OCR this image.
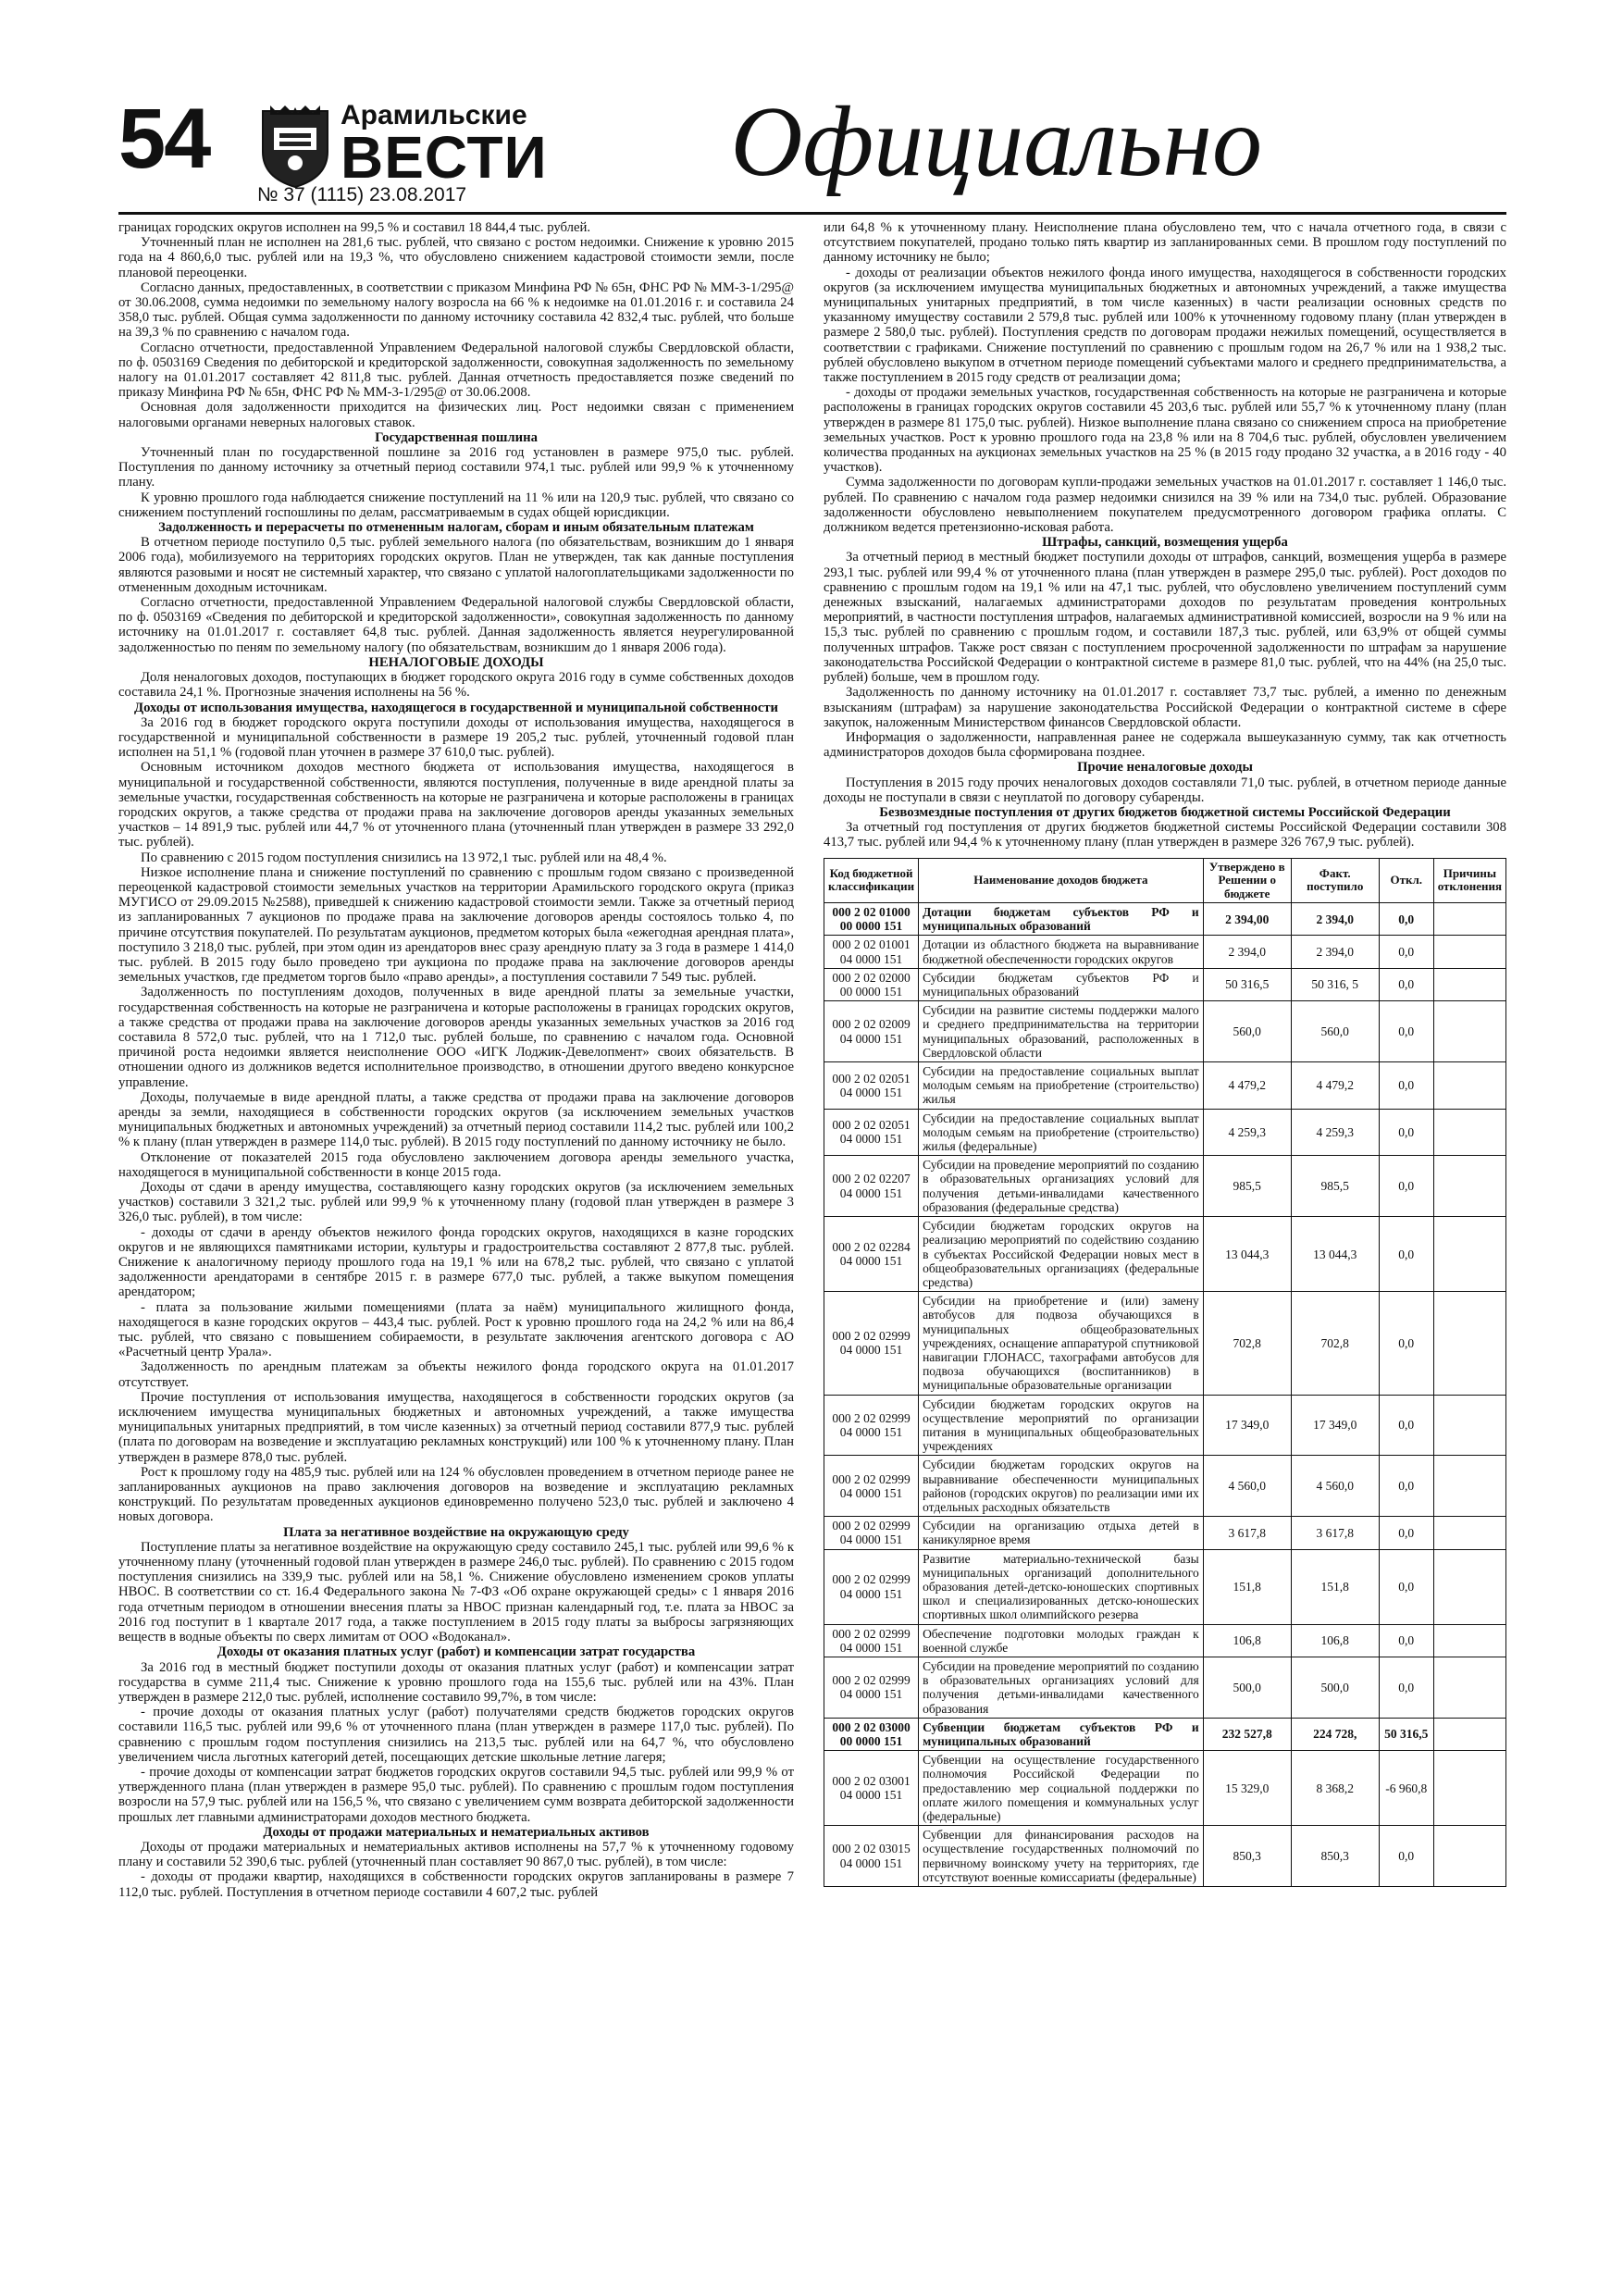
54	Арамильские
ВЕСТИ
№ 37 (1115) 23.08.2017	Официально

границах городских округов исполнен на 99,5 % и составил 18 844,4 тыс. рублей.

Уточненный план не исполнен на 281,6 тыс. рублей, что связано с ростом недоимки. Снижение к уровню 2015 года на 4 860,6,0 тыс. рублей или на 19,3 %, что обусловлено снижением кадастровой стоимости земли, после плановой переоценки.

Согласно данных, предоставленных, в соответствии с приказом Минфина РФ № 65н, ФНС РФ № ММ-3-1/295@ от 30.06.2008, сумма недоимки по земельному налогу возросла на 66 % к недоимке на 01.01.2016 г. и составила 24 358,0 тыс. рублей. Общая сумма задолженности по данному источнику составила 42 832,4 тыс. рублей, что больше на 39,3 % по сравнению с началом года.

Согласно отчетности, предоставленной Управлением Федеральной налоговой службы Свердловской области, по ф. 0503169 Сведения по дебиторской и кредиторской задолженности, совокупная задолженность по земельному налогу на 01.01.2017 составляет 42 811,8 тыс. рублей. Данная отчетность предоставляется позже сведений по приказу Минфина РФ № 65н, ФНС РФ № ММ-3-1/295@ от 30.06.2008.

Основная доля задолженности приходится на физических лиц. Рост недоимки связан с применением налоговыми органами неверных налоговых ставок.

Государственная пошлина

Уточненный план по государственной пошлине за 2016 год установлен в размере 975,0 тыс. рублей. Поступления по данному источнику за отчетный период составили 974,1 тыс. рублей или 99,9 % к уточненному плану.

К уровню прошлого года наблюдается снижение поступлений на 11 % или на 120,9 тыс. рублей, что связано со снижением поступлений госпошлины по делам, рассматриваемым в судах общей юрисдикции.

Задолженность и перерасчеты по отмененным налогам, сборам и иным обязательным платежам

В отчетном периоде поступило 0,5 тыс. рублей земельного налога (по обязательствам, возникшим до 1 января 2006 года), мобилизуемого на территориях городских округов. План не утвержден, так как данные поступления являются разовыми и носят не системный характер, что связано с уплатой налогоплательщиками задолженности по отмененным доходным источникам.

Согласно отчетности, предоставленной Управлением Федеральной налоговой службы Свердловской области, по ф. 0503169 «Сведения по дебиторской и кредиторской задолженности», совокупная задолженность по данному источнику на 01.01.2017 г. составляет 64,8 тыс. рублей. Данная задолженность является неурегулированной задолженностью по пеням по земельному налогу (по обязательствам, возникшим до 1 января 2006 года).

НЕНАЛОГОВЫЕ ДОХОДЫ

Доля неналоговых доходов, поступающих в бюджет городского округа 2016 году в сумме собственных доходов составила 24,1 %. Прогнозные значения исполнены на 56 %.

Доходы от использования имущества, находящегося в государственной и муниципальной собственности

За 2016 год в бюджет городского округа поступили доходы от использования имущества, находящегося в государственной и муниципальной собственности в размере 19 205,2 тыс. рублей, уточненный годовой план исполнен на 51,1 % (годовой план уточнен в размере 37 610,0 тыс. рублей).

Основным источником доходов местного бюджета от использования имущества, находящегося в муниципальной и государственной собственности, являются поступления, полученные в виде арендной платы за земельные участки, государственная собственность на которые не разграничена и которые расположены в границах городских округов, а также средства от продажи права на заключение договоров аренды указанных земельных участков – 14 891,9 тыс. рублей или 44,7 % от уточненного плана (уточненный план утвержден в размере 33 292,0 тыс. рублей).

По сравнению с 2015 годом поступления снизились на 13 972,1 тыс. рублей или на 48,4 %.

Низкое исполнение плана и снижение поступлений по сравнению с прошлым годом связано с произведенной переоценкой кадастровой стоимости земельных участков на территории Арамильского городского округа (приказ МУГИСО от 29.09.2015 №2588), приведшей к снижению кадастровой стоимости земли. Также за отчетный период из запланированных 7 аукционов по продаже права на заключение договоров аренды состоялось только 4, по причине отсутствия покупателей. По результатам аукционов, предметом которых была «ежегодная арендная плата», поступило 3 218,0 тыс. рублей, при этом один из арендаторов внес сразу арендную плату за 3 года в размере 1 414,0 тыс. рублей. В 2015 году было проведено три аукциона по продаже права на заключение договоров аренды земельных участков, где предметом торгов было «право аренды», а поступления составили 7 549 тыс. рублей.

Задолженность по поступлениям доходов, полученных в виде арендной платы за земельные участки, государственная собственность на которые не разграничена и которые расположены в границах городских округов, а также средства от продажи права на заключение договоров аренды указанных земельных участков за 2016 год составила 8 572,0 тыс. рублей, что на 1 712,0 тыс. рублей больше, по сравнению с началом года. Основной причиной роста недоимки является неисполнение ООО «ИГК Лоджик-Девелопмент» своих обязательств. В отношении одного из должников ведется исполнительное производство, в отношении другого введено конкурсное управление.

Доходы, получаемые в виде арендной платы, а также средства от продажи права на заключение договоров аренды за земли, находящиеся в собственности городских округов (за исключением земельных участков муниципальных бюджетных и автономных учреждений) за отчетный период составили 114,2 тыс. рублей или 100,2 % к плану (план утвержден в размере 114,0 тыс. рублей). В 2015 году поступлений по данному источнику не было.

Отклонение от показателей 2015 года обусловлено заключением договора аренды земельного участка, находящегося в муниципальной собственности в конце 2015 года.

Доходы от сдачи в аренду имущества, составляющего казну городских округов (за исключением земельных участков) составили 3 321,2 тыс. рублей или 99,9 % к уточненному плану (годовой план утвержден в размере 3 326,0 тыс. рублей), в том числе:

- доходы от сдачи в аренду объектов нежилого фонда городских округов, находящихся в казне городских округов и не являющихся памятниками истории, культуры и градостроительства составляют 2 877,8 тыс. рублей. Снижение к аналогичному периоду прошлого года на 19,1 % или на 678,2 тыс. рублей, что связано с уплатой задолженности арендаторами в сентябре 2015 г. в размере 677,0 тыс. рублей, а также выкупом помещения арендатором;

- плата за пользование жилыми помещениями (плата за наём) муниципального жилищного фонда, находящегося в казне городских округов – 443,4 тыс. рублей. Рост к уровню прошлого года на 24,2 % или на 86,4 тыс. рублей, что связано с повышением собираемости, в результате заключения агентского договора с АО «Расчетный центр Урала».

Задолженность по арендным платежам за объекты нежилого фонда городского округа на 01.01.2017 отсутствует.

Прочие поступления от использования имущества, находящегося в собственности городских округов (за исключением имущества муниципальных бюджетных и автономных учреждений, а также имущества муниципальных унитарных предприятий, в том числе казенных) за отчетный период составили 877,9 тыс. рублей (плата по договорам на возведение и эксплуатацию рекламных конструкций) или 100 % к уточненному плану. План утвержден в размере 878,0 тыс. рублей.

Рост к прошлому году на 485,9 тыс. рублей или на 124 % обусловлен проведением в отчетном периоде ранее не запланированных аукционов на право заключения договоров на возведение и эксплуатацию рекламных конструкций. По результатам проведенных аукционов единовременно получено 523,0 тыс. рублей и заключено 4 новых договора.

Плата за негативное воздействие на окружающую среду

Поступление платы за негативное воздействие на окружающую среду составило 245,1 тыс. рублей или 99,6 % к уточненному плану (уточненный годовой план утвержден в размере 246,0 тыс. рублей). По сравнению с 2015 годом поступления снизились на 339,9 тыс. рублей или на 58,1 %. Снижение обусловлено изменением сроков уплаты НВОС. В соответствии со ст. 16.4 Федерального закона № 7-ФЗ «Об охране окружающей среды» с 1 января 2016 года отчетным периодом в отношении внесения платы за НВОС признан календарный год, т.е. плата за НВОС за 2016 год поступит в 1 квартале 2017 года, а также поступлением в 2015 году платы за выбросы загрязняющих веществ в водные объекты по сверх лимитам от ООО «Водоканал».

Доходы от оказания платных услуг (работ) и компенсации затрат государства

За 2016 год в местный бюджет поступили доходы от оказания платных услуг (работ) и компенсации затрат государства в сумме 211,4 тыс. Снижение к уровню прошлого года на 155,6 тыс. рублей или на 43%. План утвержден в размере 212,0 тыс. рублей, исполнение составило 99,7%, в том числе:

- прочие доходы от оказания платных услуг (работ) получателями средств бюджетов городских округов составили 116,5 тыс. рублей или 99,6 % от уточненного плана (план утвержден в размере 117,0 тыс. рублей). По сравнению с прошлым годом поступления снизились на 213,5 тыс. рублей или на 64,7 %, что обусловлено увеличением числа льготных категорий детей, посещающих детские школьные летние лагеря;

- прочие доходы от компенсации затрат бюджетов городских округов составили 94,5 тыс. рублей или 99,9 % от утвержденного плана (план утвержден в размере 95,0 тыс. рублей). По сравнению с прошлым годом поступления возросли на 57,9 тыс. рублей или на 156,5 %, что связано с увеличением сумм возврата дебиторской задолженности прошлых лет главными администраторами доходов местного бюджета.

Доходы от продажи материальных и нематериальных активов

Доходы от продажи материальных и нематериальных активов исполнены на 57,7 % к уточненному годовому плану и составили 52 390,6 тыс. рублей (уточненный план составляет 90 867,0 тыс. рублей), в том числе:

- доходы от продажи квартир, находящихся в собственности городских округов запланированы в размере 7 112,0 тыс. рублей. Поступления в отчетном периоде составили 4 607,2 тыс. рублей

или 64,8 % к уточненному плану. Неисполнение плана обусловлено тем, что с начала отчетного года, в связи с отсутствием покупателей, продано только пять квартир из запланированных семи. В прошлом году поступлений по данному источнику не было;

- доходы от реализации объектов нежилого фонда иного имущества, находящегося в собственности городских округов (за исключением имущества муниципальных бюджетных и автономных учреждений, а также имущества муниципальных унитарных предприятий, в том числе казенных) в части реализации основных средств по указанному имуществу составили 2 579,8 тыс. рублей или 100% к уточненному годовому плану (план утвержден в размере 2 580,0 тыс. рублей). Поступления средств по договорам продажи нежилых помещений, осуществляется в соответствии с графиками. Снижение поступлений по сравнению с прошлым годом на 26,7 % или на 1 938,2 тыс. рублей обусловлено выкупом в отчетном периоде помещений субъектами малого и среднего предпринимательства, а также поступлением в 2015 году средств от реализации дома;

- доходы от продажи земельных участков, государственная собственность на которые не разграничена и которые расположены в границах городских округов составили 45 203,6 тыс. рублей или 55,7 % к уточненному плану (план утвержден в размере 81 175,0 тыс. рублей). Низкое выполнение плана связано со снижением спроса на приобретение земельных участков. Рост к уровню прошлого года на 23,8 % или на 8 704,6 тыс. рублей, обусловлен увеличением количества проданных на аукционах земельных участков на 25 % (в 2015 году продано 32 участка, а в 2016 году - 40 участков).

Сумма задолженности по договорам купли-продажи земельных участков на 01.01.2017 г. составляет 1 146,0 тыс. рублей. По сравнению с началом года размер недоимки снизился на 39 % или на 734,0 тыс. рублей. Образование задолженности обусловлено невыполнением покупателем предусмотренного договором графика оплаты. С должником ведется претензионно-исковая работа.

Штрафы, санкций, возмещения ущерба

За отчетный период в местный бюджет поступили доходы от штрафов, санкций, возмещения ущерба в размере 293,1 тыс. рублей или 99,4 % от уточненного плана (план утвержден в размере 295,0 тыс. рублей). Рост доходов по сравнению с прошлым годом на 19,1 % или на 47,1 тыс. рублей, что обусловлено увеличением поступлений сумм денежных взысканий, налагаемых администраторами доходов по результатам проведения контрольных мероприятий, в частности поступления штрафов, налагаемых административной комиссией, возросли на 9 % или на 15,3 тыс. рублей по сравнению с прошлым годом, и составили 187,3 тыс. рублей, или 63,9% от общей суммы полученных штрафов. Также рост связан с поступлением просроченной задолженности по штрафам за нарушение законодательства Российской Федерации о контрактной системе в размере 81,0 тыс. рублей, что на 44% (на 25,0 тыс. рублей) больше, чем в прошлом году.

Задолженность по данному источнику на 01.01.2017 г. составляет 73,7 тыс. рублей, а именно по денежным взысканиям (штрафам) за нарушение законодательства Российской Федерации о контрактной системе в сфере закупок, наложенным Министерством финансов Свердловской области.

Информация о задолженности, направленная ранее не содержала вышеуказанную сумму, так как отчетность администраторов доходов была сформирована позднее.

Прочие неналоговые доходы

Поступления в 2015 году прочих неналоговых доходов составляли 71,0 тыс. рублей, в отчетном периоде данные доходы не поступали в связи с неуплатой по договору субаренды.

Безвозмездные поступления от других бюджетов бюджетной системы Российской Федерации

За отчетный год поступления от других бюджетов бюджетной системы Российской Федерации составили 308 413,7 тыс. рублей или 94,4 % к уточненному плану (план утвержден в размере 326 767,9 тыс. рублей).

Код бюджетной классификации	Наименование доходов бюджета	Утверждено в Решении о бюджете	Факт. поступило	Откл.	Причины отклонения
000 2 02 01000 00 0000 151	Дотации бюджетам субъектов РФ и муниципальных образований	2 394,00	2 394,0	0,0	
000 2 02 01001 04 0000 151	Дотации из областного бюджета на выравнивание бюджетной обеспеченности городских округов	2 394,0	2 394,0	0,0	
000 2 02 02000 00 0000 151	Субсидии бюджетам субъектов РФ и муниципальных образований	50 316,5	50 316, 5	0,0	
000 2 02 02009 04 0000 151	Субсидии на развитие системы поддержки малого и среднего предпринимательства на территории муниципальных образований, расположенных в Свердловской области	560,0	560,0	0,0	
000 2 02 02051 04 0000 151	Субсидии на предоставление социальных выплат молодым семьям на приобретение (строительство) жилья	4 479,2	4 479,2	0,0	
000 2 02 02051 04 0000 151	Субсидии на предоставление социальных выплат молодым семьям на приобретение (строительство) жилья (федеральные)	4 259,3	4 259,3	0,0	
000 2 02 02207 04 0000 151	Субсидии на проведение мероприятий по созданию в образовательных организациях условий для получения детьми-инвалидами качественного образования (федеральные средства)	985,5	985,5	0,0	
000 2 02 02284 04 0000 151	Субсидии бюджетам городских округов на реализацию мероприятий по содействию созданию в субъектах Российской Федерации новых мест в общеобразовательных организациях (федеральные средства)	13 044,3	13 044,3	0,0	
000 2 02 02999 04 0000 151	Субсидии на приобретение и (или) замену автобусов для подвоза обучающихся в муниципальных общеобразовательных учреждениях, оснащение аппаратурой спутниковой навигации ГЛОНАСС, тахографами автобусов для подвоза обучающихся (воспитанников) в муниципальные образовательные организации	702,8	702,8	0,0	
000 2 02 02999 04 0000 151	Субсидии бюджетам городских округов на осуществление мероприятий по организации питания в муниципальных общеобразовательных учреждениях	17 349,0	17 349,0	0,0	
000 2 02 02999 04 0000 151	Субсидии бюджетам городских округов на выравнивание обеспеченности муниципальных районов (городских округов) по реализации ими их отдельных расходных обязательств	4 560,0	4 560,0	0,0	
000 2 02 02999 04 0000 151	Субсидии на организацию отдыха детей в каникулярное время	3 617,8	3 617,8	0,0	
000 2 02 02999 04 0000 151	Развитие материально-технической базы муниципальных организаций дополнительного образования детей-детско-юношеских спортивных школ и специализированных детско-юношеских спортивных школ олимпийского резерва	151,8	151,8	0,0	
000 2 02 02999 04 0000 151	Обеспечение подготовки молодых граждан к военной службе	106,8	106,8	0,0	
000 2 02 02999 04 0000 151	Субсидии на проведение мероприятий по созданию в образовательных организациях условий для получения детьми-инвалидами качественного образования	500,0	500,0	0,0	
000 2 02 03000 00 0000 151	Субвенции бюджетам субъектов РФ и муниципальных образований	232 527,8	224 728,	50 316,5	
000 2 02 03001 04 0000 151	Субвенции на осуществление государственного полномочия Российской Федерации по предоставлению мер социальной поддержки по оплате жилого помещения и коммунальных услуг (федеральные)	15 329,0	8 368,2	-6 960,8	
000 2 02 03015 04 0000 151	Субвенции для финансирования расходов на осуществление государственных полномочий по первичному воинскому учету на территориях, где отсутствуют военные комиссариаты (федеральные)	850,3	850,3	0,0	
